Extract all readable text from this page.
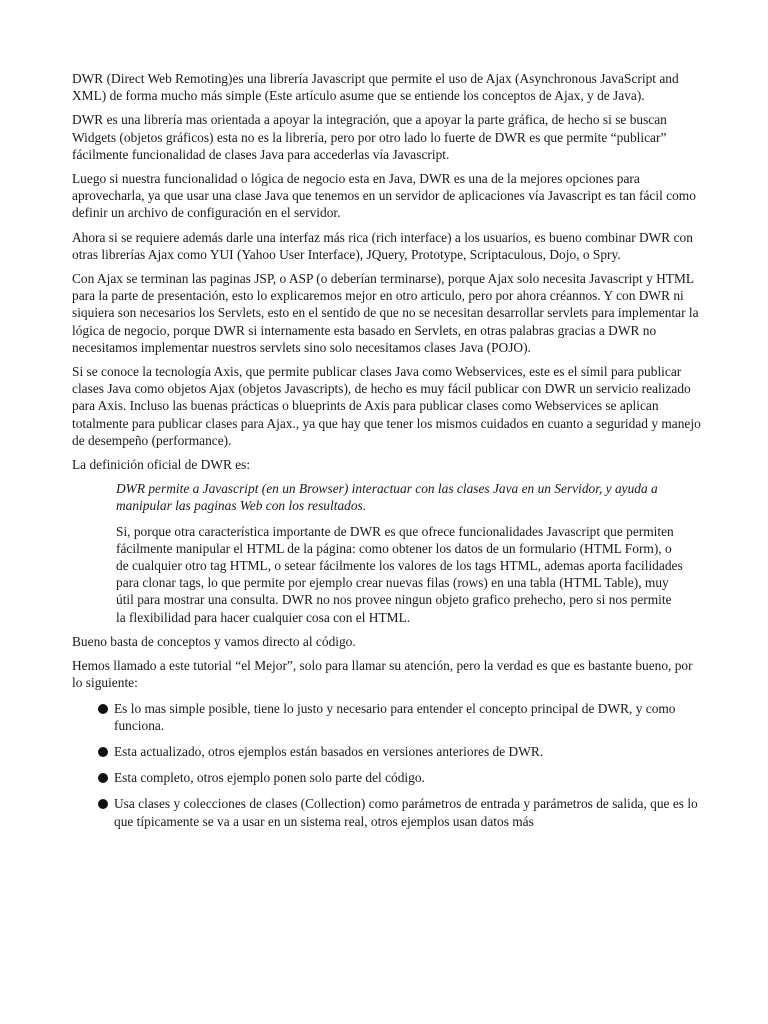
DWR (Direct Web Remoting)es una librería Javascript que permite el uso de Ajax (Asynchronous JavaScript and XML) de forma mucho más simple (Este artículo asume que se entiende los conceptos de Ajax, y de Java).

DWR es una librería mas orientada a apoyar la integración, que a apoyar la parte gráfica, de hecho si se buscan Widgets (objetos gráficos) esta no es la librería, pero por otro lado lo fuerte de DWR es que permite “publicar” fácilmente funcionalidad de clases Java para accederlas vía Javascript.

Luego si nuestra funcionalidad o lógica de negocio esta en Java, DWR es una de la mejores opciones para aprovecharla, ya que usar una clase Java que tenemos en un servidor de aplicaciones vía Javascript es tan fácil como definir un archivo de configuración en el servidor.

Ahora si se requiere además darle una interfaz más rica (rich interface) a los usuarios, es bueno combinar DWR con otras librerías Ajax como YUI (Yahoo User Interface), JQuery, Prototype, Scriptaculous, Dojo, o Spry.

Con Ajax se terminan las paginas JSP, o ASP (o deberían terminarse), porque Ajax solo necesita Javascript y HTML para la parte de presentación, esto lo explicaremos mejor en otro articulo, pero por ahora créannos. Y con DWR ni siquiera son necesarios los Servlets, esto en el sentido de que no se necesitan desarrollar servlets para implementar la lógica de negocio, porque DWR si internamente esta basado en Servlets, en otras palabras gracias a DWR no necesitamos implementar nuestros servlets sino solo necesitamos clases Java (POJO).

Si se conoce la tecnología Axis, que permite publicar clases Java como Webservices, este es el símil para publicar clases Java como objetos Ajax (objetos Javascripts), de hecho es muy fácil publicar con DWR un servicio realizado para Axis. Incluso las buenas prácticas o blueprints de Axis para publicar clases como Webservices se aplican totalmente para publicar clases para Ajax., ya que hay que tener los mismos cuidados en cuanto a seguridad y manejo de desempeño (performance).

La definición oficial de DWR es:

DWR permite a Javascript (en un Browser) interactuar con las clases Java en un Servidor, y ayuda a manipular las paginas Web con los resultados.

Si, porque otra característica importante de DWR es que ofrece funcionalidades Javascript que permiten fácilmente manipular el HTML de la página: como obtener los datos de un formulario (HTML Form), o de cualquier otro tag HTML, o setear fácilmente los valores de los tags HTML, ademas aporta facilidades para clonar tags, lo que permite por ejemplo crear nuevas filas (rows) en una tabla (HTML Table), muy útil para mostrar una consulta. DWR no nos provee ningun objeto grafico prehecho, pero si nos permite la flexibilidad para hacer cualquier cosa con el HTML.

Bueno basta de conceptos y vamos directo al código.

Hemos llamado a este tutorial “el Mejor”, solo para llamar su atención, pero la verdad es que es bastante bueno, por lo siguiente:

Es lo mas simple posible, tiene lo justo y necesario para entender el concepto principal de DWR, y como funciona.
Esta actualizado, otros ejemplos están basados en versiones anteriores de DWR.
Esta completo, otros ejemplo ponen solo parte del código.
Usa clases y colecciones de clases (Collection) como parámetros de entrada y parámetros de salida, que es lo que típicamente se va a usar en un sistema real, otros ejemplos usan datos más
